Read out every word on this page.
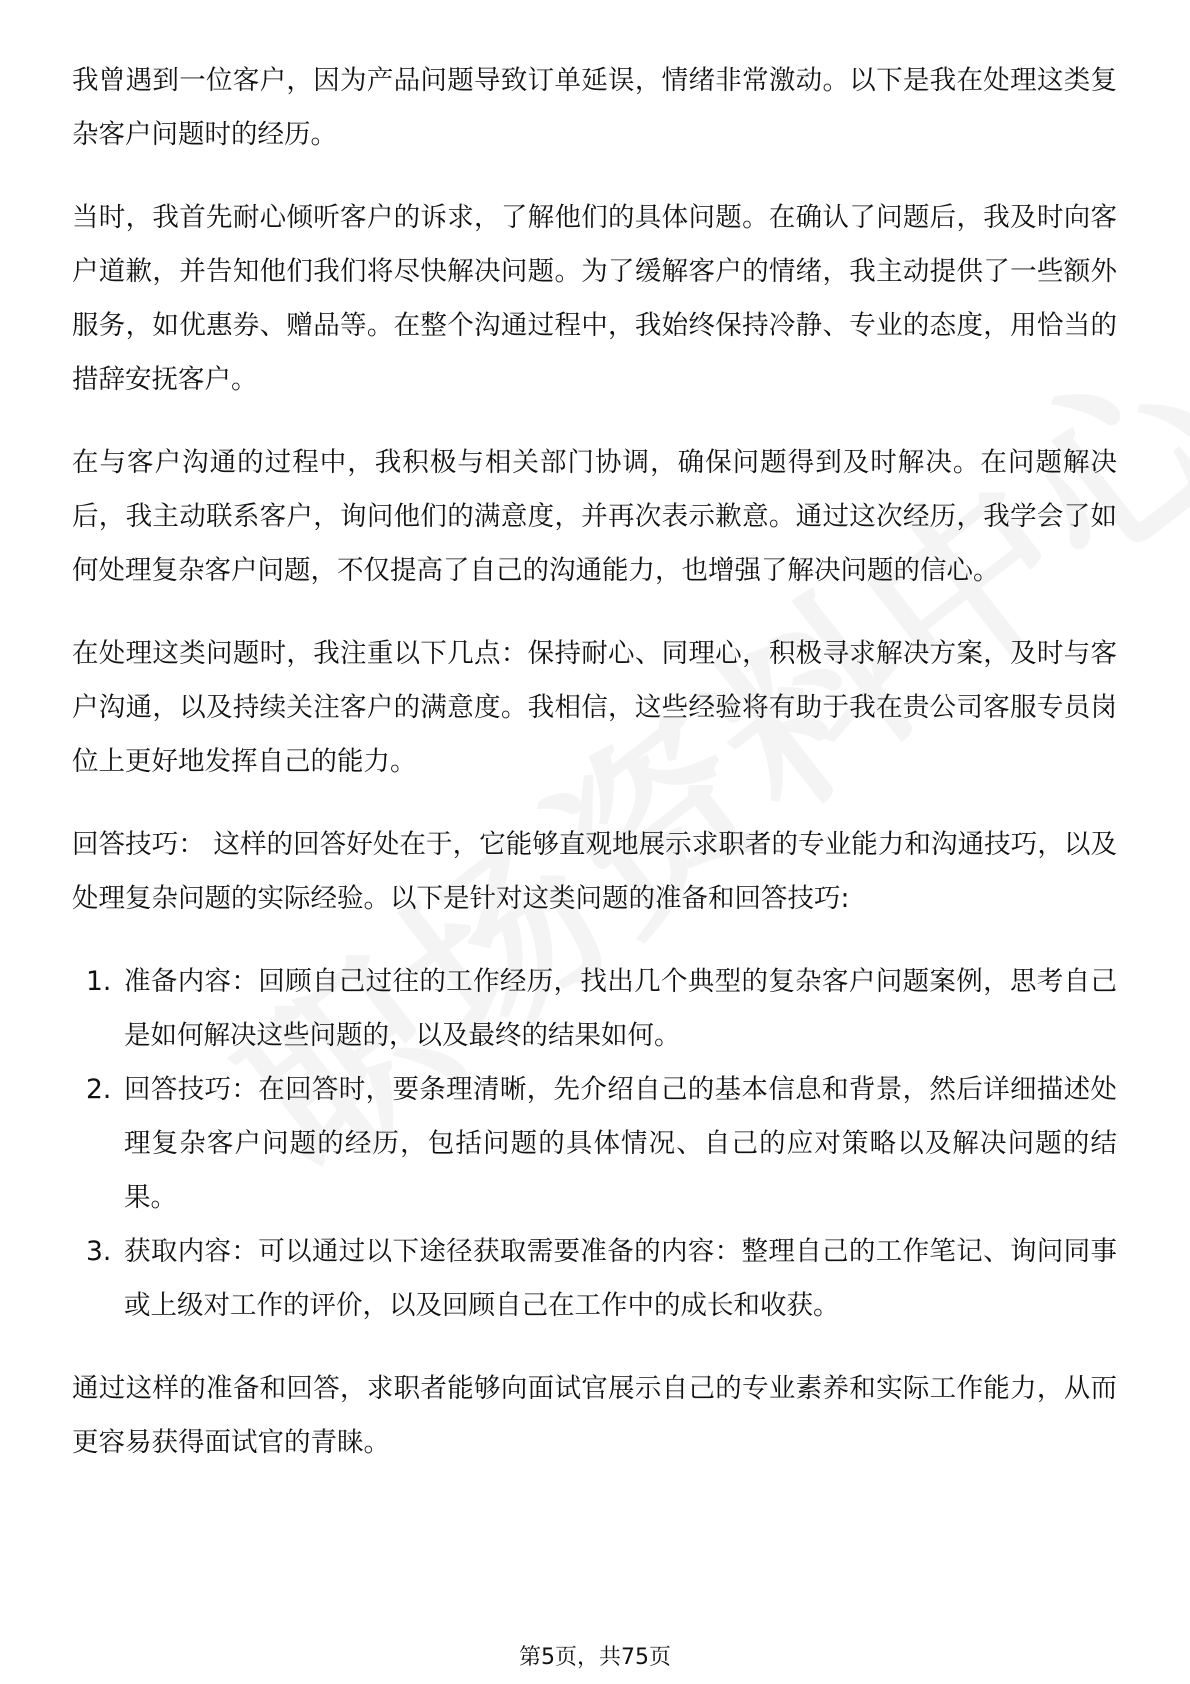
我曾遇到一位客户，因为产品问题导致订单延误，情绪非常激动。以下是我在处理这类复杂客户问题时的经历。

当时，我首先耐心倾听客户的诉求，了解他们的具体问题。在确认了问题后，我及时向客户道歉，并告知他们我们将尽快解决问题。为了缓解客户的情绪，我主动提供了一些额外服务，如优惠券、赠品等。在整个沟通过程中，我始终保持冷静、专业的态度，用恰当的措辞安抚客户。

在与客户沟通的过程中，我积极与相关部门协调，确保问题得到及时解决。在问题解决后，我主动联系客户，询问他们的满意度，并再次表示歉意。通过这次经历，我学会了如何处理复杂客户问题，不仅提高了自己的沟通能力，也增强了解决问题的信心。

在处理这类问题时，我注重以下几点：保持耐心、同理心，积极寻求解决方案，及时与客户沟通，以及持续关注客户的满意度。我相信，这些经验将有助于我在贵公司客服专员岗位上更好地发挥自己的能力。

回答技巧： 这样的回答好处在于，它能够直观地展示求职者的专业能力和沟通技巧，以及处理复杂问题的实际经验。以下是针对这类问题的准备和回答技巧:

1. 准备内容：回顾自己过往的工作经历，找出几个典型的复杂客户问题案例，思考自己是如何解决这些问题的，以及最终的结果如何。
2. 回答技巧：在回答时，要条理清晰，先介绍自己的基本信息和背景，然后详细描述处理复杂客户问题的经历，包括问题的具体情况、自己的应对策略以及解决问题的结果。
3. 获取内容：可以通过以下途径获取需要准备的内容：整理自己的工作笔记、询问同事或上级对工作的评价，以及回顾自己在工作中的成长和收获。

通过这样的准备和回答，求职者能够向面试官展示自己的专业素养和实际工作能力，从而更容易获得面试官的青睐。

第5页，共75页
